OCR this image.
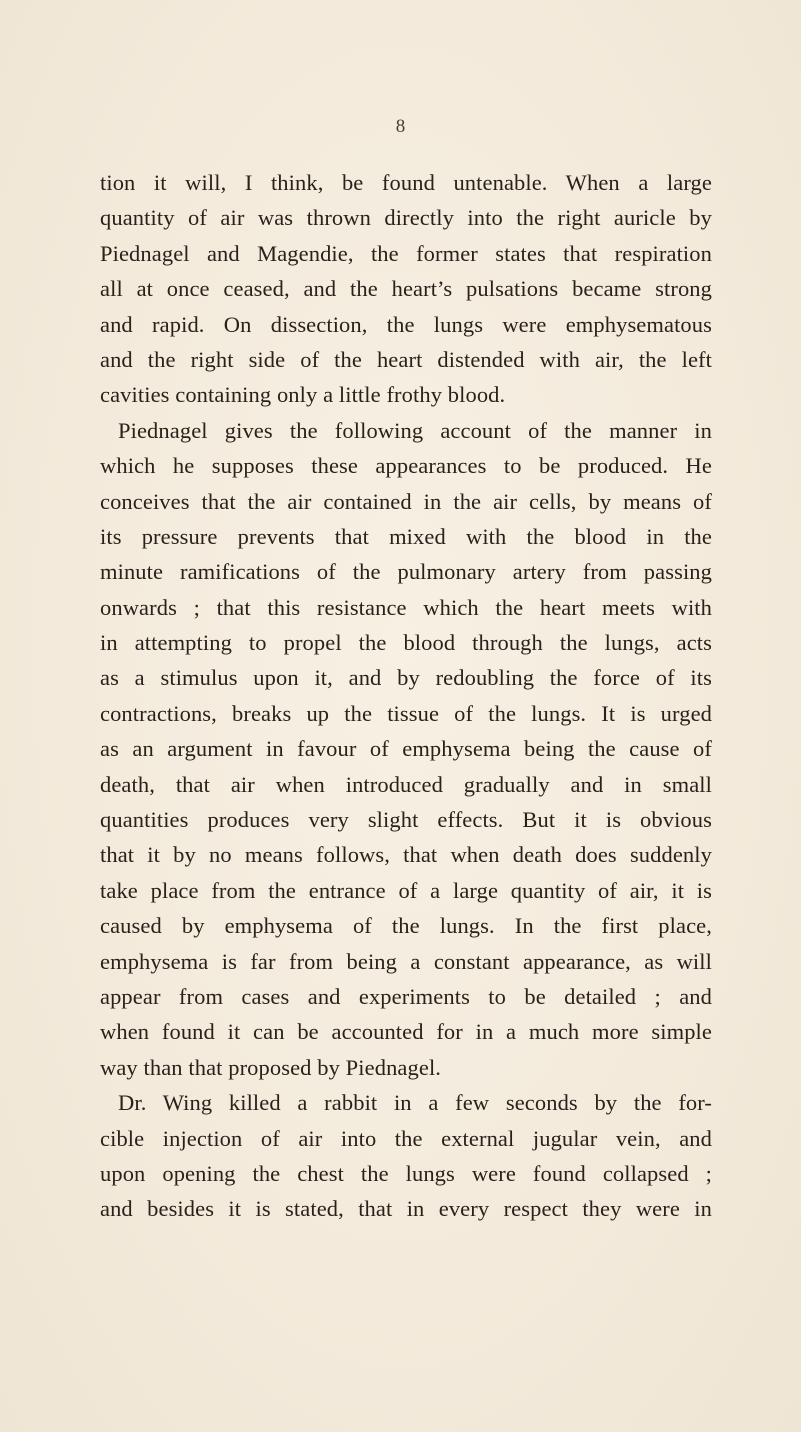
8
tion it will, I think, be found untenable. When a large
quantity of air was thrown directly into the right auricle by
Piednagel and Magendie, the former states that respiration
all at once ceased, and the heart’s pulsations became strong
and rapid. On dissection, the lungs were emphysematous
and the right side of the heart distended with air, the left
cavities containing only a little frothy blood.
Piednagel gives the following account of the manner in
which he supposes these appearances to be produced. He
conceives that the air contained in the air cells, by means of
its pressure prevents that mixed with the blood in the
minute ramifications of the pulmonary artery from passing
onwards ; that this resistance which the heart meets with
in attempting to propel the blood through the lungs, acts
as a stimulus upon it, and by redoubling the force of its
contractions, breaks up the tissue of the lungs. It is urged
as an argument in favour of emphysema being the cause of
death, that air when introduced gradually and in small
quantities produces very slight effects. But it is obvious
that it by no means follows, that when death does suddenly
take place from the entrance of a large quantity of air, it is
caused by emphysema of the lungs. In the first place,
emphysema is far from being a constant appearance, as will
appear from cases and experiments to be detailed ; and
when found it can be accounted for in a much more simple
way than that proposed by Piednagel.
Dr. Wing killed a rabbit in a few seconds by the for-
cible injection of air into the external jugular vein, and
upon opening the chest the lungs were found collapsed ;
and besides it is stated, that in every respect they were in
